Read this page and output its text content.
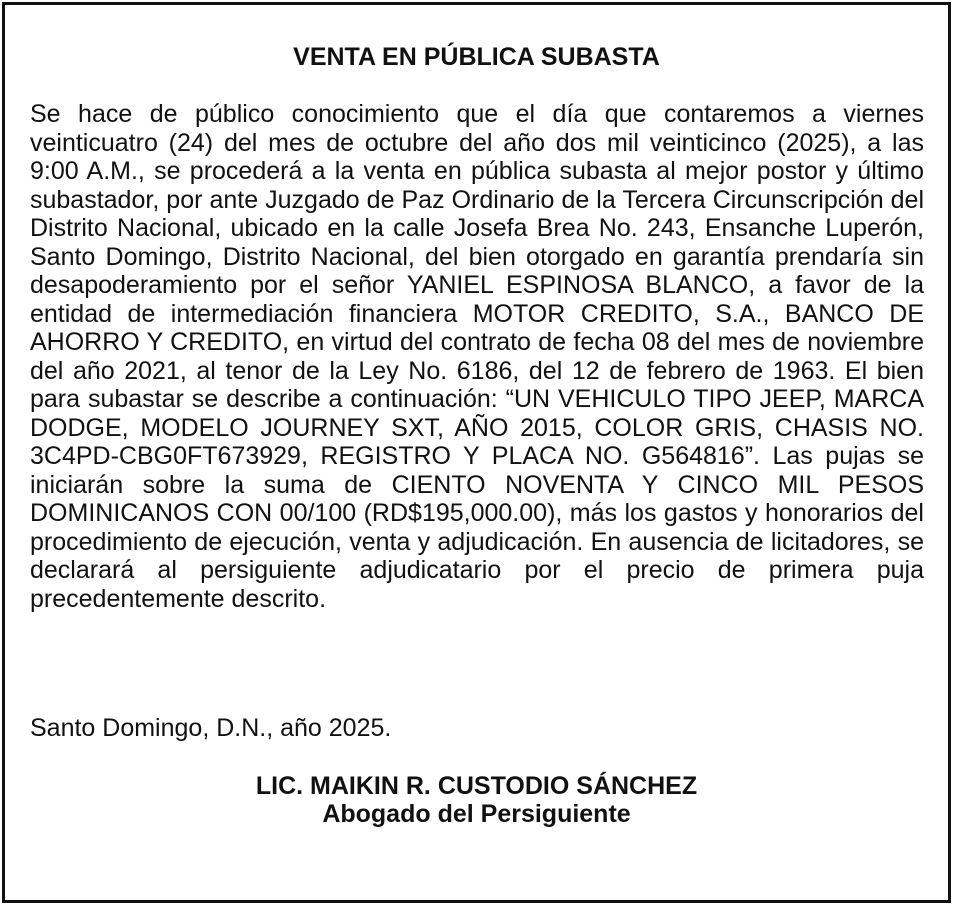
VENTA EN PÚBLICA SUBASTA
Se hace de público conocimiento que el día que contaremos a viernes veinticuatro (24) del mes de octubre del año dos mil veinticinco (2025), a las 9:00 A.M., se procederá a la venta en pública subasta al mejor postor y último subastador, por ante Juzgado de Paz Ordinario de la Tercera Circunscripción del Distrito Nacional, ubicado en la calle Josefa Brea No. 243, Ensanche Luperón, Santo Domingo, Distrito Nacional, del bien otorgado en garantía prendaría sin desapoderamiento por el señor YANIEL ESPINOSA BLANCO, a favor de la entidad de intermediación financiera MOTOR CREDITO, S.A., BANCO DE AHORRO Y CREDITO, en virtud del contrato de fecha 08 del mes de noviembre del año 2021, al tenor de la Ley No. 6186, del 12 de febrero de 1963. El bien para subastar se describe a continuación: “UN VEHICULO TIPO JEEP, MARCA DODGE, MODELO JOURNEY SXT, AÑO 2015, COLOR GRIS, CHASIS NO. 3C4PD-CBG0FT673929, REGISTRO Y PLACA NO. G564816”. Las pujas se iniciarán sobre la suma de CIENTO NOVENTA Y CINCO MIL PESOS DOMINICANOS CON 00/100 (RD$195,000.00), más los gastos y honorarios del procedimiento de ejecución, venta y adjudicación. En ausencia de licitadores, se declarará al persiguiente adjudicatario por el precio de primera puja precedentemente descrito.
Santo Domingo, D.N., año 2025.
LIC. MAIKIN R. CUSTODIO SÁNCHEZ
Abogado del Persiguiente
